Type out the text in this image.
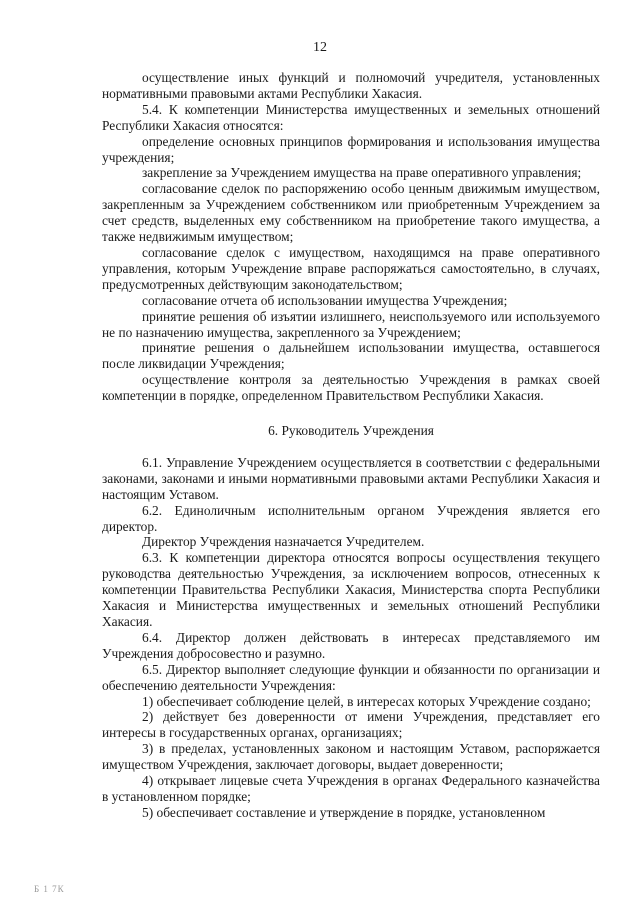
12

осуществление иных функций и полномочий учредителя, установленных нормативными правовыми актами Республики Хакасия.

5.4. К компетенции Министерства имущественных и земельных отношений Республики Хакасия относятся:

определение основных принципов формирования и использования имущества учреждения;

закрепление за Учреждением имущества на праве оперативного управления;

согласование сделок по распоряжению особо ценным движимым имуществом, закрепленным за Учреждением собственником или приобретенным Учреждением за счет средств, выделенных ему собственником на приобретение такого имущества, а также недвижимым имуществом;

согласование сделок с имуществом, находящимся на праве оперативного управления, которым Учреждение вправе распоряжаться самостоятельно, в случаях, предусмотренных действующим законодательством;

согласование отчета об использовании имущества Учреждения;

принятие решения об изъятии излишнего, неиспользуемого или используемого не по назначению имущества, закрепленного за Учреждением;

принятие решения о дальнейшем использовании имущества, оставшегося после ликвидации Учреждения;

осуществление контроля за деятельностью Учреждения в рамках своей компетенции в порядке, определенном Правительством Республики Хакасия.

6. Руководитель Учреждения

6.1. Управление Учреждением осуществляется в соответствии с федеральными законами, законами и иными нормативными правовыми актами Республики Хакасия и настоящим Уставом.

6.2. Единоличным исполнительным органом Учреждения является его директор.

Директор Учреждения назначается Учредителем.

6.3. К компетенции директора относятся вопросы осуществления текущего руководства деятельностью Учреждения, за исключением вопросов, отнесенных к компетенции Правительства Республики Хакасия, Министерства спорта Республики Хакасия и Министерства имущественных и земельных отношений Республики Хакасия.

6.4. Директор должен действовать в интересах представляемого им Учреждения добросовестно и разумно.

6.5. Директор выполняет следующие функции и обязанности по организации и обеспечению деятельности Учреждения:

1) обеспечивает соблюдение целей, в интересах которых Учреждение создано;

2) действует без доверенности от имени Учреждения, представляет его интересы в государственных органах, организациях;

3) в пределах, установленных законом и настоящим Уставом, распоряжается имуществом Учреждения, заключает договоры, выдает доверенности;

4) открывает лицевые счета Учреждения в органах Федерального казначейства в установленном порядке;

5) обеспечивает составление и утверждение в порядке, установленном

Б 1 7К
